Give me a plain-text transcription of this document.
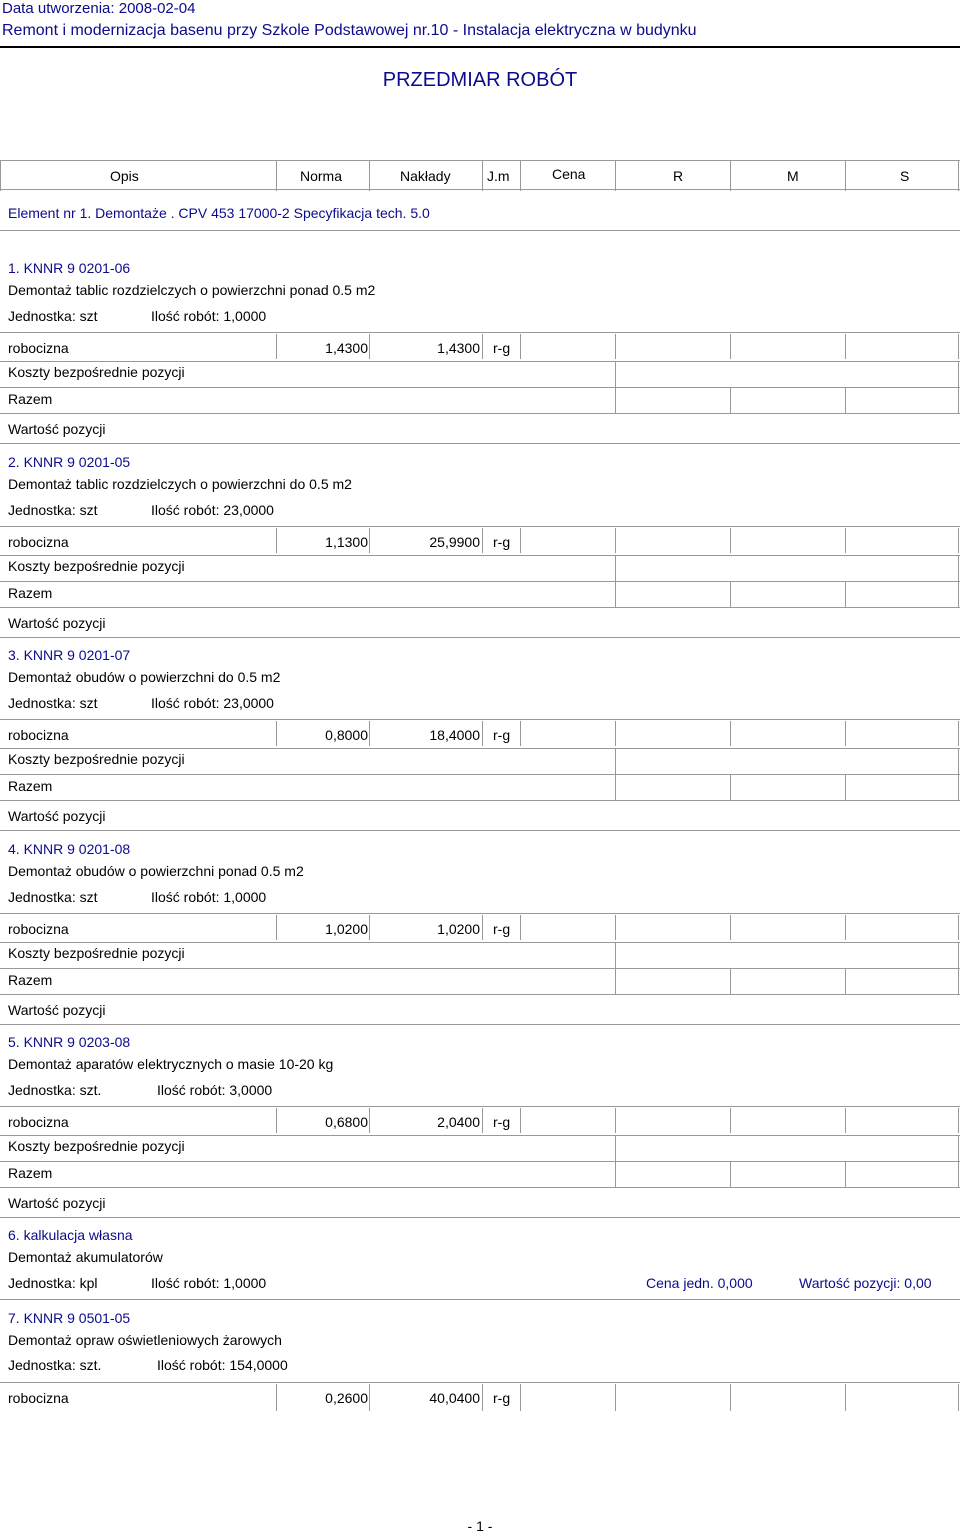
Data utworzenia: 2008-02-04
Remont i modernizacja basenu przy Szkole Podstawowej nr.10 - Instalacja elektryczna w budynku
PRZEDMIAR ROBÓT
Opis	Norma	Nakłady	J.m	Cena	R	M	S
Element nr 1. Demontaże . CPV 453 17000-2 Specyfikacja tech. 5.0
1. KNNR 9 0201-06
Demontaż tablic rozdzielczych o powierzchni ponad 0.5 m2
Jednostka: szt	Ilość robót: 1,0000
robocizna	1,4300	1,4300 r-g
Koszty bezpośrednie pozycji
Razem
Wartość pozycji
2. KNNR 9 0201-05
Demontaż tablic rozdzielczych o powierzchni do 0.5 m2
Jednostka: szt	Ilość robót: 23,0000
robocizna	1,1300	25,9900 r-g
Koszty bezpośrednie pozycji
Razem
Wartość pozycji
3. KNNR 9 0201-07
Demontaż obudów o powierzchni do 0.5 m2
Jednostka: szt	Ilość robót: 23,0000
robocizna	0,8000	18,4000 r-g
Koszty bezpośrednie pozycji
Razem
Wartość pozycji
4. KNNR 9 0201-08
Demontaż obudów o powierzchni ponad 0.5 m2
Jednostka: szt	Ilość robót: 1,0000
robocizna	1,0200	1,0200 r-g
Koszty bezpośrednie pozycji
Razem
Wartość pozycji
5. KNNR 9 0203-08
Demontaż aparatów elektrycznych o masie 10-20 kg
Jednostka: szt.	Ilość robót: 3,0000
robocizna	0,6800	2,0400 r-g
Koszty bezpośrednie pozycji
Razem
Wartość pozycji
6. kalkulacja własna
Demontaż akumulatorów
Jednostka: kpl	Ilość robót: 1,0000	Cena jedn. 0,000	Wartość pozycji: 0,00
7. KNNR 9 0501-05
Demontaż opraw oświetleniowych żarowych
Jednostka: szt.	Ilość robót: 154,0000
robocizna	0,2600	40,0400 r-g
- 1 -
